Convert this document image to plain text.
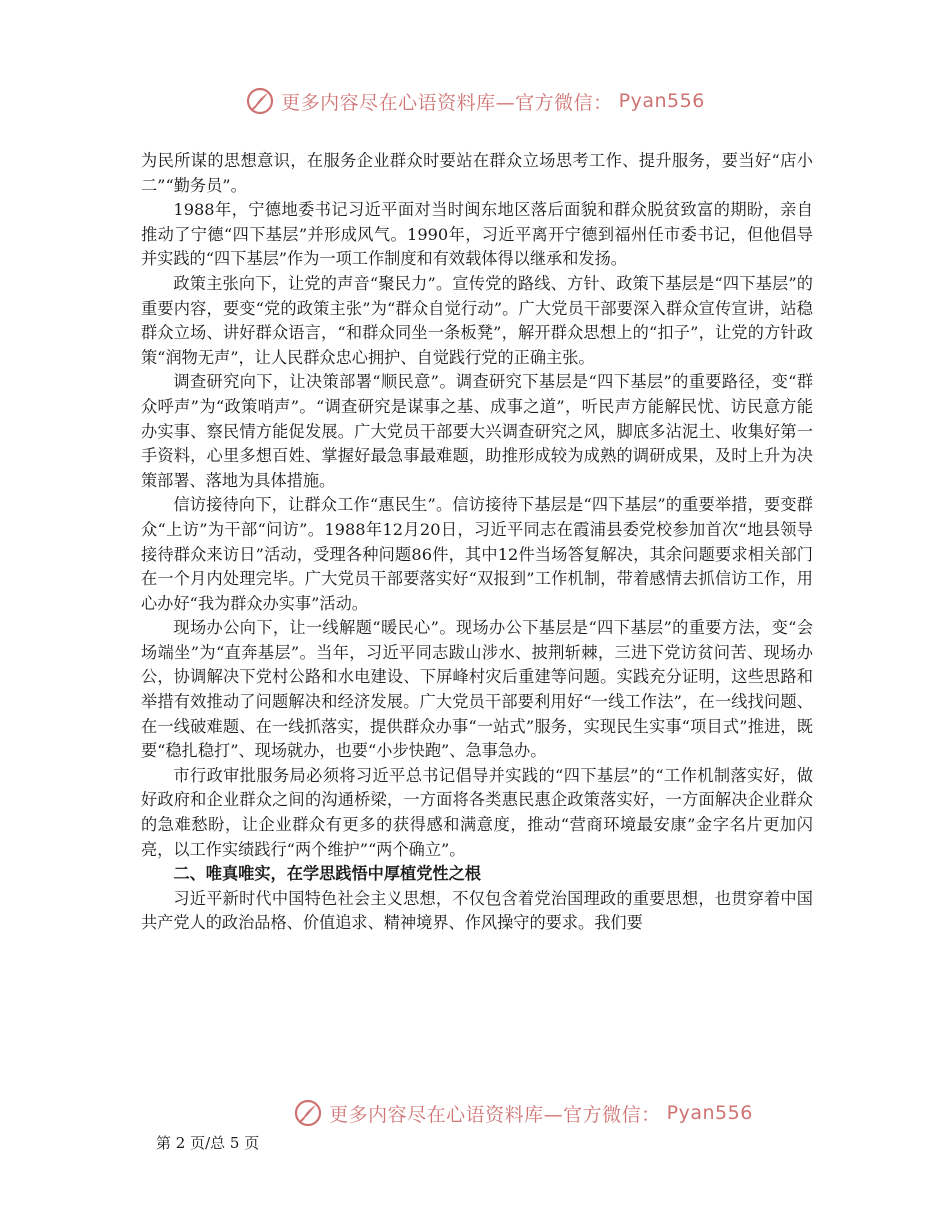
更多内容尽在心语资料库—官方微信： Pyan556

为民所谋的思想意识，在服务企业群众时要站在群众立场思考工作、提升服务，要当好“店小二”“勤务员”。

1988年，宁德地委书记习近平面对当时闽东地区落后面貌和群众脱贫致富的期盼，亲自推动了宁德“四下基层”并形成风气。1990年，习近平离开宁德到福州任市委书记，但他倡导并实践的“四下基层”作为一项工作制度和有效载体得以继承和发扬。

政策主张向下，让党的声音“聚民力”。宣传党的路线、方针、政策下基层是“四下基层”的重要内容，要变“党的政策主张”为“群众自觉行动”。广大党员干部要深入群众宣传宣讲，站稳群众立场、讲好群众语言，“和群众同坐一条板凳”，解开群众思想上的“扣子”，让党的方针政策“润物无声”，让人民群众忠心拥护、自觉践行党的正确主张。

调查研究向下，让决策部署“顺民意”。调查研究下基层是“四下基层”的重要路径，变“群众呼声”为“政策哨声”。“调查研究是谋事之基、成事之道”，听民声方能解民忧、访民意方能办实事、察民情方能促发展。广大党员干部要大兴调查研究之风，脚底多沾泥土、收集好第一手资料，心里多想百姓、掌握好最急事最难题，助推形成较为成熟的调研成果，及时上升为决策部署、落地为具体措施。

信访接待向下，让群众工作“惠民生”。信访接待下基层是“四下基层”的重要举措，要变群众“上访”为干部“问访”。1988年12月20日，习近平同志在霞浦县委党校参加首次“地县领导接待群众来访日”活动，受理各种问题86件，其中12件当场答复解决，其余问题要求相关部门在一个月内处理完毕。广大党员干部要落实好“双报到”工作机制，带着感情去抓信访工作，用心办好“我为群众办实事”活动。

现场办公向下，让一线解题“暖民心”。现场办公下基层是“四下基层”的重要方法，变“会场端坐”为“直奔基层”。当年，习近平同志跋山涉水、披荆斩棘，三进下党访贫问苦、现场办公，协调解决下党村公路和水电建设、下屏峰村灾后重建等问题。实践充分证明，这些思路和举措有效推动了问题解决和经济发展。广大党员干部要利用好“一线工作法”，在一线找问题、在一线破难题、在一线抓落实，提供群众办事“一站式”服务，实现民生实事“项目式”推进，既要“稳扎稳打”、现场就办，也要“小步快跑”、急事急办。

市行政审批服务局必须将习近平总书记倡导并实践的“四下基层”的“工作机制落实好，做好政府和企业群众之间的沟通桥梁，一方面将各类惠民惠企政策落实好，一方面解决企业群众的急难愁盼，让企业群众有更多的获得感和满意度，推动“营商环境最安康”金字名片更加闪亮，以工作实绩践行“两个维护”“两个确立”。

二、唯真唯实，在学思践悟中厚植党性之根

习近平新时代中国特色社会主义思想，不仅包含着党治国理政的重要思想，也贯穿着中国共产党人的政治品格、价值追求、精神境界、作风操守的要求。我们要

更多内容尽在心语资料库—官方微信： Pyan556
第 2 页/总 5 页
